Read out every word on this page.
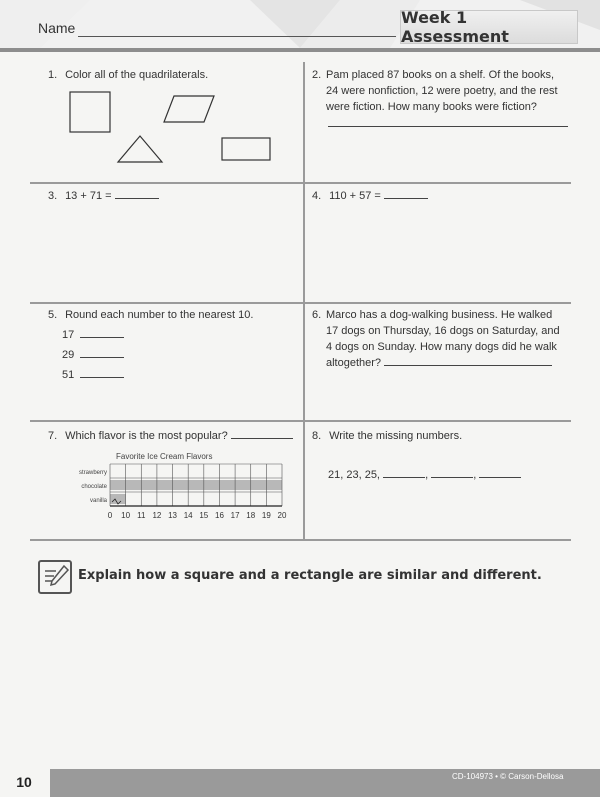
Name
Week 1 Assessment
1. Color all of the quadrilaterals.	2. Pam placed 87 books on a shelf. Of the books,
24 were nonfiction, 12 were poetry, and the rest
were fiction. How many books were fiction?
3. 13 + 71 =	4. 110 + 57 =
5. Round each number to the nearest 10.
17
29
51
6. Marco has a dog-walking business. He walked
17 dogs on Thursday, 16 dogs on Saturday, and
4 dogs on Sunday. How many dogs did he walk
altogether?
7. Which flavor is the most popular?
Favorite Ice Cream Flavors
strawberry
chocolate
vanilla
0 10 11 12 13 14 15 16 17 18 19 20
8. Write the missing numbers.
21, 23, 25,	,	,
Explain how a square and a rectangle are similar and different.
10	CD-104973 • © Carson-Dellosa
